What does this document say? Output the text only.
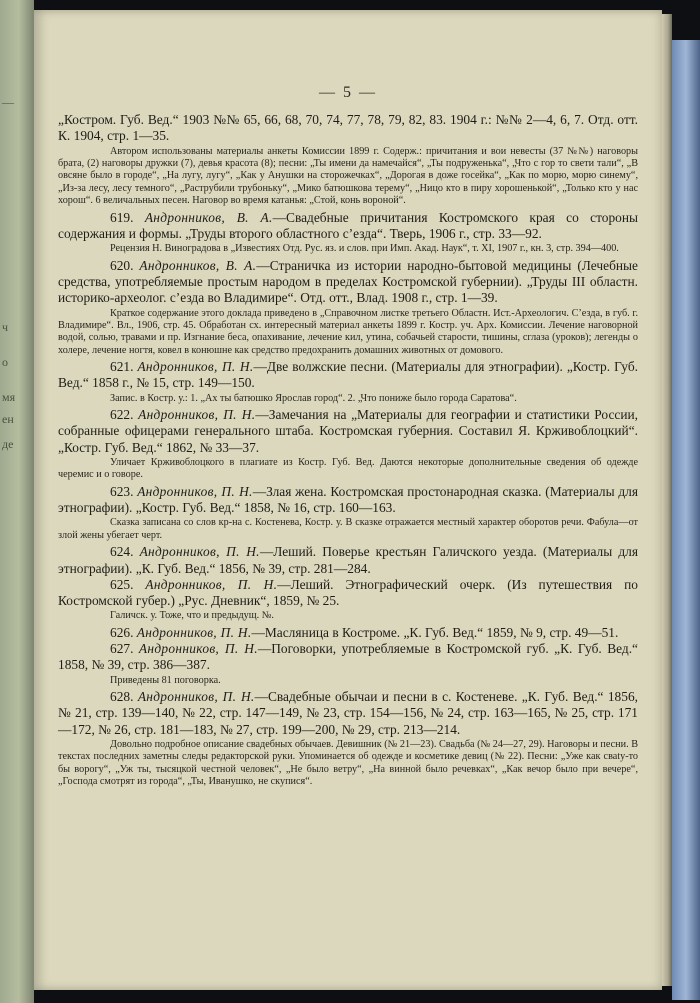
—
ч
о
мя
ен
де
— 5 —

„Костром. Губ. Вед.“ 1903 №№ 65, 66, 68, 70, 74, 77, 78, 79, 82, 83. 1904 г.: №№ 2—4, 6, 7. Отд. отт. К. 1904, стр. 1—35.

Автором использованы материалы анкеты Комиссии 1899 г. Содерж.: причитания и вои невесты (37 №№) наговоры брата, (2) наговоры дружки (7), девья красота (8); песни: „Ты имени да намечайся“, „Ты подруженька“, „Что с гор то свети тали“, „В овсяне было в городе“, „На лугу, лугу“, „Как у Анушки на сторожечках“, „Дорогая в доже госейка“, „Как по морю, морю синему“, „Из-за лесу, лесу темного“, „Раструбили трубоньку“, „Мико батюшкова терему“, „Ницо кто в пиру хорошенькой“, „Только кто у нас хорош“. 6 величальных песен. Наговор во время катанья: „Стой, конь вороной“.

619. Андронников, В. А.—Свадебные причитания Костромского края со стороны содержания и формы. „Труды второго областного с’езда“. Тверь, 1906 г., стр. 33—92.

Рецензия Н. Виноградова в „Известиях Отд. Рус. яз. и слов. при Имп. Акад. Наук“, т. XI, 1907 г., кн. 3, стр. 394—400.

620. Андронников, В. А.—Страничка из истории народно-бытовой медицины (Лечебные средства, употребляемые простым народом в пределах Костромской губернии). „Труды III областн. историко-археолог. с’езда во Владимире“. Отд. отт., Влад. 1908 г., стр. 1—39.

Краткое содержание этого доклада приведено в „Справочном листке третьего Областн. Ист.-Археологич. С’езда, в губ. г. Владимире“. Вл., 1906, стр. 45. Обработан сх. интересный материал анкеты 1899 г. Костр. уч. Арх. Комиссии. Лечение наговорной водой, солью, травами и пр. Изгнание беса, опахивание, лечение кил, утина, собачьей старости, тишины, сглаза (уроков); легенды о холере, лечение ногтя, ковел в конюшне как средство предохранить домашних животных от домового.

621. Андронников, П. Н.—Две волжские песни. (Материалы для этнографии). „Костр. Губ. Вед.“ 1858 г., № 15, стр. 149—150.

Запис. в Костр. у.: 1. „Ах ты батюшко Ярослав город“. 2. „Что пониже было города Саратова“.

622. Андронников, П. Н.—Замечания на „Материалы для географии и статистики России, собранные офицерами генерального штаба. Костромская губерния. Составил Я. Крживоблоцкий“. „Костр. Губ. Вед.“ 1862, № 33—37.

Уличает Крживоблоцкого в плагиате из Костр. Губ. Вед. Даются некоторые дополнительные сведения об одежде черемис и о говоре.

623. Андронников, П. Н.—Злая жена. Костромская простонародная сказка. (Материалы для этнографии). „Костр. Губ. Вед.“ 1858, № 16, стр. 160—163.

Сказка записана со слов кр-на с. Костенева, Костр. у. В сказке отражается местный характер оборотов речи. Фабула—от злой жены убегает черт.

624. Андронников, П. Н.—Леший. Поверье крестьян Галичского уезда. (Материалы для этнографии). „К. Губ. Вед.“ 1856, № 39, стр. 281—284.

625. Андронников, П. Н.—Леший. Этнографический очерк. (Из путешествия по Костромской губер.) „Рус. Дневник“, 1859, № 25.

Галичск. у. Тоже, что и предыдущ. №.

626. Андронников, П. Н.—Масляница в Костроме. „К. Губ. Вед.“ 1859, № 9, стр. 49—51.

627. Андронников, П. Н.—Поговорки, употребляемые в Костромской губ. „К. Губ. Вед.“ 1858, № 39, стр. 386—387.

Приведены 81 поговорка.

628. Андронников, П. Н.—Свадебные обычаи и песни в с. Костеневе. „К. Губ. Вед.“ 1856, № 21, стр. 139—140, № 22, стр. 147—149, № 23, стр. 154—156, № 24, стр. 163—165, № 25, стр. 171—172, № 26, стр. 181—183, № 27, стр. 199—200, № 29, стр. 213—214.

Довольно подробное описание свадебных обычаев. Девишник (№ 21—23). Свадьба (№ 24—27, 29). Наговоры и песни. В текстах последних заметны следы редакторской руки. Упоминается об одежде и косметике девиц (№ 22). Песни: „Уже как сваty-то бы ворогу“, „Уж ты, тысяцкой честной человек“, „Не было ветру“, „На винной было речевках“, „Как вечор было при вечере“, „Господа смотрят из города“, „Ты, Иванушко, не скупися“.
